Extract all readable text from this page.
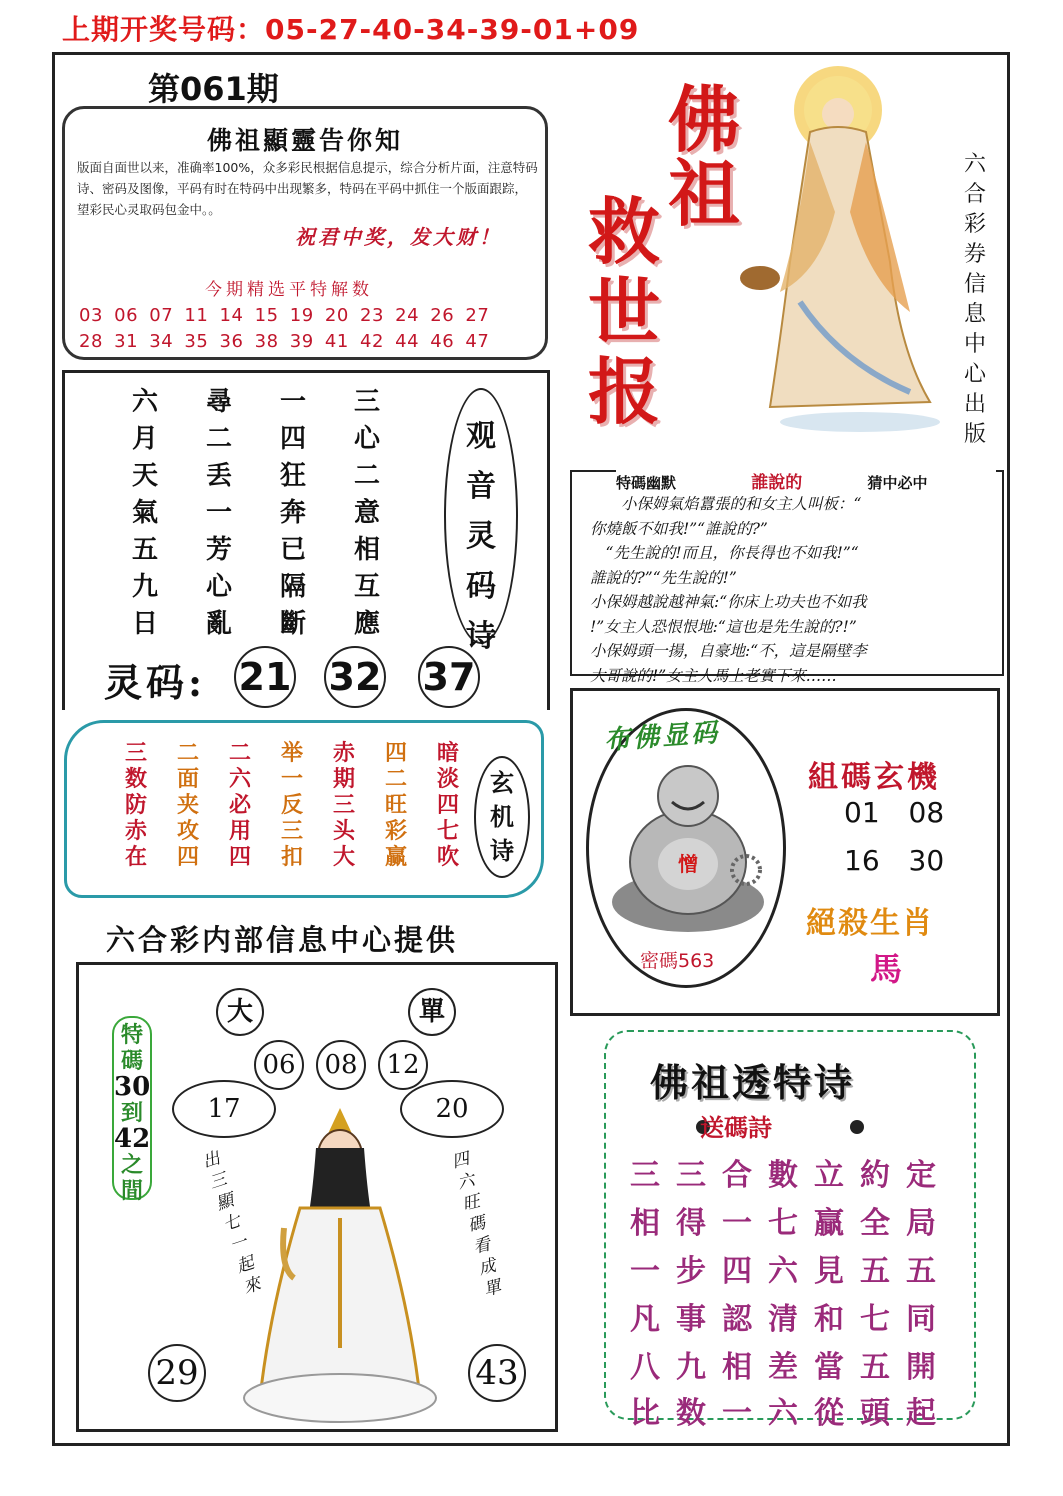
上期开奖号码：05-27-40-34-39-01+09
第061期
佛祖顯靈告你知
版面自面世以来，准确率100%，众多彩民根据信息提示，综合分析片面，注意特码诗、密码及图像，平码有时在特码中出现繁多，特码在平码中抓住一个版面跟踪，望彩民心灵取码包金中。。
祝君中奖，发大财！
今期精选平特解数
03 06 07 11 14 15 19 20 23 24 26 27
28 31 34 35 36 38 39 41 42 44 46 47
佛
祖
救
世
报
六合彩券信息中心出版
六
月
天
氣
五
九
日
尋
二
丢
一
芳
心
亂
一
四
狂
奔
已
隔
斷
三
心
二
意
相
互
應
观音灵码诗
灵码: 21 32 37
特碼幽默	誰說的	猜中必中
　　小保姆氣焰囂張的和女主人叫板：“
你燒飯不如我!”“誰說的?”
　“先生說的!而且，你長得也不如我!”“
誰說的?”“先生說的!”
小保姆越說越神氣:“你床上功夫也不如我
!”女主人恐恨恨地:“這也是先生說的?!”
小保姆頭一揚，自豪地:“不，這是隔壁李
大哥說的!”女主人馬上老實下來……
三
数
防
赤
在
二
面
夹
攻
四
二
六
必
用
四
举
一
反
三
扣
赤
期
三
头
大
四
二
旺
彩
赢
暗
淡
四
七
吹
玄机诗
六合彩内部信息中心提供
布佛显码
憎
密碼563
組碼玄機
01 08
16 30
絕殺生肖
馬
特
碼
30
到
42
之
間
大	單
06	08	12
17	20
出三顯七一起來
四六旺碼看成單
29	43
佛祖透特诗
送碼詩
三三合數立約定
相得一七贏全局
一步四六見五五
凡事認清和七同
八九相差當五開
比数一六從頭起
